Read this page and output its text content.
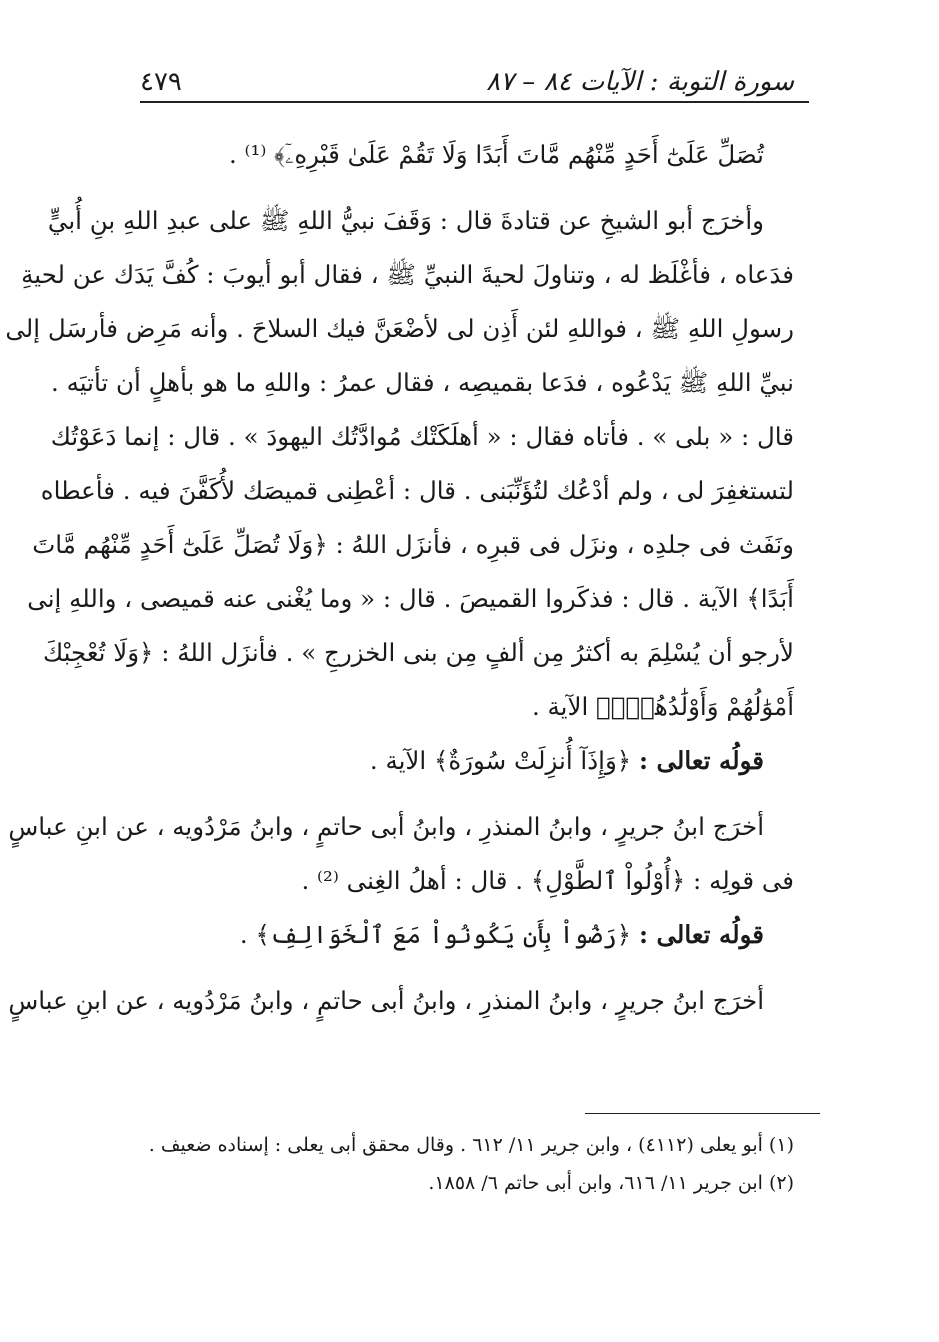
سورة التوبة : الآيات ٨٤ – ٨٧
٤٧٩
تُصَلِّ عَلَىٰٓ أَحَدٍ مِّنْهُم مَّاتَ أَبَدًا وَلَا تَقُمْ عَلَىٰ قَبْرِهِۦٓ﴾ ⁽¹⁾ .
وأخرَج أبو الشيخِ عن قتادةَ قال : وَقَفَ نبيُّ اللهِ ﷺ على عبدِ اللهِ بنِ أُبيٍّ
فدَعاه ، فأغْلَظ له ، وتناولَ لحيةَ النبيِّ ﷺ ، فقال أبو أيوبَ : كُفَّ يَدَك عن لحيةِ
رسولِ اللهِ ﷺ ، فواللهِ لئن أَذِن لى لأضْعَنَّ فيك السلاحَ . وأنه مَرِض فأرسَل إلى
نبيِّ اللهِ ﷺ يَدْعُوه ، فدَعا بقميصِه ، فقال عمرُ : واللهِ ما هو بأهلٍ أن تأتيَه .
قال : « بلى » . فأتاه فقال : « أهلَكَتْك مُوادَّتُك اليهودَ » . قال : إنما دَعَوْتُك
لتستغفِرَ لى ، ولم أدْعُك لتُؤَنِّبَنى . قال : أعْطِنى قميصَك لأُكَفَّنَ فيه . فأعطاه
ونَفَث فى جلدِه ، ونزَل فى قبرِه ، فأنزَل اللهُ : ﴿وَلَا تُصَلِّ عَلَىٰٓ أَحَدٍ مِّنْهُم مَّاتَ
أَبَدًا﴾ الآية . قال : فذكَروا القميصَ . قال : « وما يُغْنى عنه قميصى ، واللهِ إنى
لأرجو أن يُسْلِمَ به أكثرُ مِن ألفٍ مِن بنى الخزرجِ » . فأنزَل اللهُ : ﴿وَلَا تُعْجِبْكَ
أَمْوَٰلُهُمْ وَأَوْلَٰدُهُمْۚ﴾ الآية .
قولُه تعالى : ﴿وَإِذَآ أُنزِلَتْ سُورَةٌ﴾ الآية .
أخرَج ابنُ جريرٍ ، وابنُ المنذرِ ، وابنُ أبى حاتمٍ ، وابنُ مَرْدُويه ، عن ابنِ عباسٍ
فى قولِه : ﴿أُوْلُواْ ٱلطَّوْلِ﴾ . قال : أهلُ الغِنى ⁽²⁾ .
قولُه تعالى : ﴿رَضُواْ بِأَن يَكُونُواْ مَعَ ٱلْخَوَالِفِ﴾ .
أخرَج ابنُ جريرٍ ، وابنُ المنذرِ ، وابنُ أبى حاتمٍ ، وابنُ مَرْدُويه ، عن ابنِ عباسٍ
(١) أبو يعلى (٤١١٢) ، وابن جرير ١١/ ٦١٢ . وقال محقق أبى يعلى : إسناده ضعيف .
(٢) ابن جرير ١١/ ٦١٦، وابن أبى حاتم ٦/ ١٨٥٨.
